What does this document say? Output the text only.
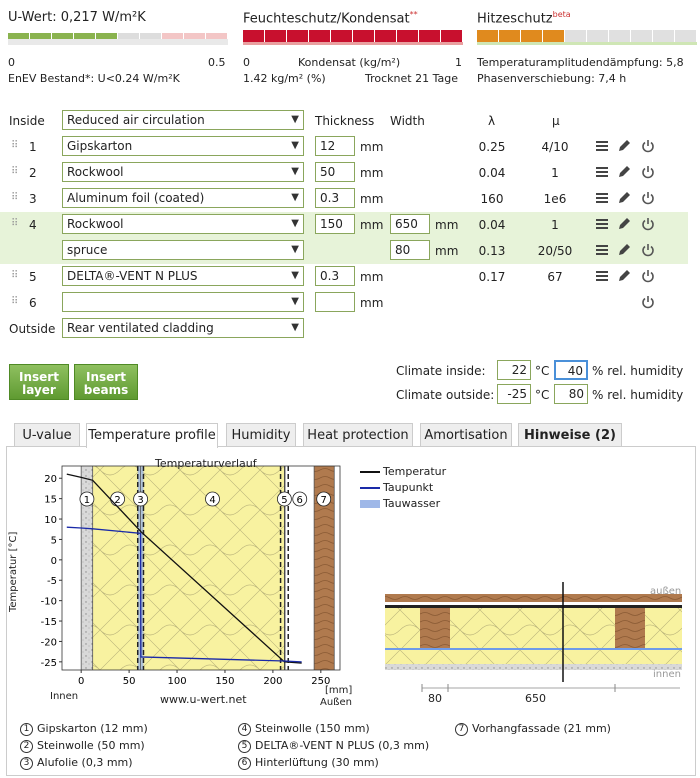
U-Wert: 0,217 W/m²K
0	0.5
EnEV Bestand*: U<0.24 W/m²K
Feuchteschutz/Kondensat**
0	Kondensat (kg/m²)	1
1.42 kg/m² (%)	Trocknet 21 Tage
Hitzeschutz$^{beta}$
Temperaturamplitudendämpfung: 5,8
Phasenverschiebung: 7,4 h
Inside	Reduced air circulation ▼	Thickness Width	λ	μ
⠿ 1	Gipskarton ▼	12	mm	0.25	4/10
⠿ 2	Rockwool ▼	50	mm	0.04	1
⠿ 3	Aluminum foil (coated) ▼	0.3	mm	160	1e6
⠿ 4	Rockwool ▼	150	mm 650	mm	0.04	1
spruce ▼	80	mm	0.13	20/50
⠿ 5	DELTA®-VENT N PLUS ▼	0.3	mm	0.17	67
⠿ 6
▼	mm
Outside Rear ventilated cladding ▼
Insert layer
Insert beams
Climate inside:	22 °C	40 % rel. humidity
Climate outside:	-25 °C	80 % rel. humidity
U-value	Temperature profile	Humidity	Heat protection	Amortisation	Hinweise (2)
1 2 3	4	5 6 7
20
15
10
5
0
-5
-10
-15
-20
-25
0	50	100	150	200	250
Temperaturverlauf
Temperatur [°C]
[mm]
Innen
Außen
www.u-wert.net
Temperatur
Taupunkt
Tauwasser
außen
innen
80	650
1 Gipskarton (12 mm)
2 Steinwolle (50 mm)
3 Alufolie (0,3 mm)
4 Steinwolle (150 mm)
5 DELTA®-VENT N PLUS (0,3 mm)
6 Hinterlüftung (30 mm)
7 Vorhangfassade (21 mm)
